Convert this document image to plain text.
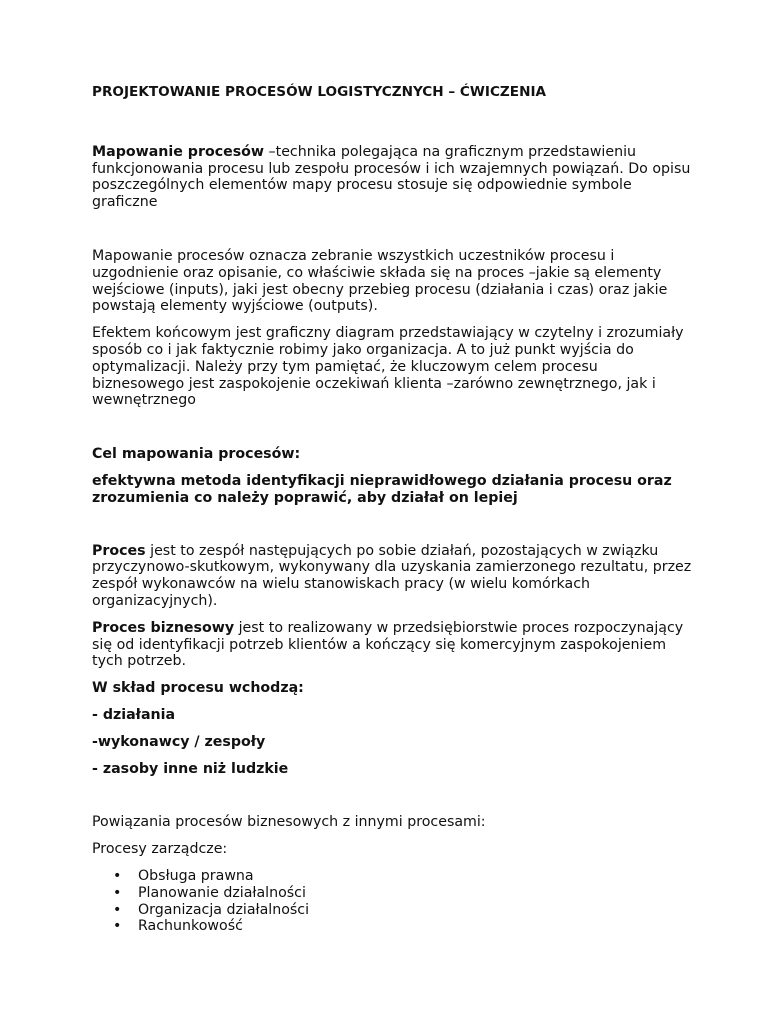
PROJEKTOWANIE PROCESÓW LOGISTYCZNYCH – ĆWICZENIA

Mapowanie procesów –technika polegająca na graficznym przedstawieniu funkcjonowania procesu lub zespołu procesów i ich wzajemnych powiązań. Do opisu poszczególnych elementów mapy procesu stosuje się odpowiednie symbole graficzne

Mapowanie procesów oznacza zebranie wszystkich uczestników procesu i uzgodnienie oraz opisanie, co właściwie składa się na proces –jakie są elementy wejściowe (inputs), jaki jest obecny przebieg procesu (działania i czas) oraz jakie powstają elementy wyjściowe (outputs).

Efektem końcowym jest graficzny diagram przedstawiający w czytelny i zrozumiały sposób co i jak faktycznie robimy jako organizacja. A to już punkt wyjścia do optymalizacji. Należy przy tym pamiętać, że kluczowym celem procesu biznesowego jest zaspokojenie oczekiwań klienta –zarówno zewnętrznego, jak i wewnętrznego

Cel mapowania procesów:

efektywna metoda identyfikacji nieprawidłowego działania procesu oraz zrozumienia co należy poprawić, aby działał on lepiej

Proces jest to zespół następujących po sobie działań, pozostających w związku przyczynowo-skutkowym, wykonywany dla uzyskania zamierzonego rezultatu, przez zespół wykonawców na wielu stanowiskach pracy (w wielu komórkach organizacyjnych).

Proces biznesowy jest to realizowany w przedsiębiorstwie proces rozpoczynający się od identyfikacji potrzeb klientów a kończący się komercyjnym zaspokojeniem tych potrzeb.

W skład procesu wchodzą:

- działania

-wykonawcy / zespoły

- zasoby inne niż ludzkie

Powiązania procesów biznesowych z innymi procesami:

Procesy zarządcze:

• Obsługa prawna
• Planowanie działalności
• Organizacja działalności
• Rachunkowość
